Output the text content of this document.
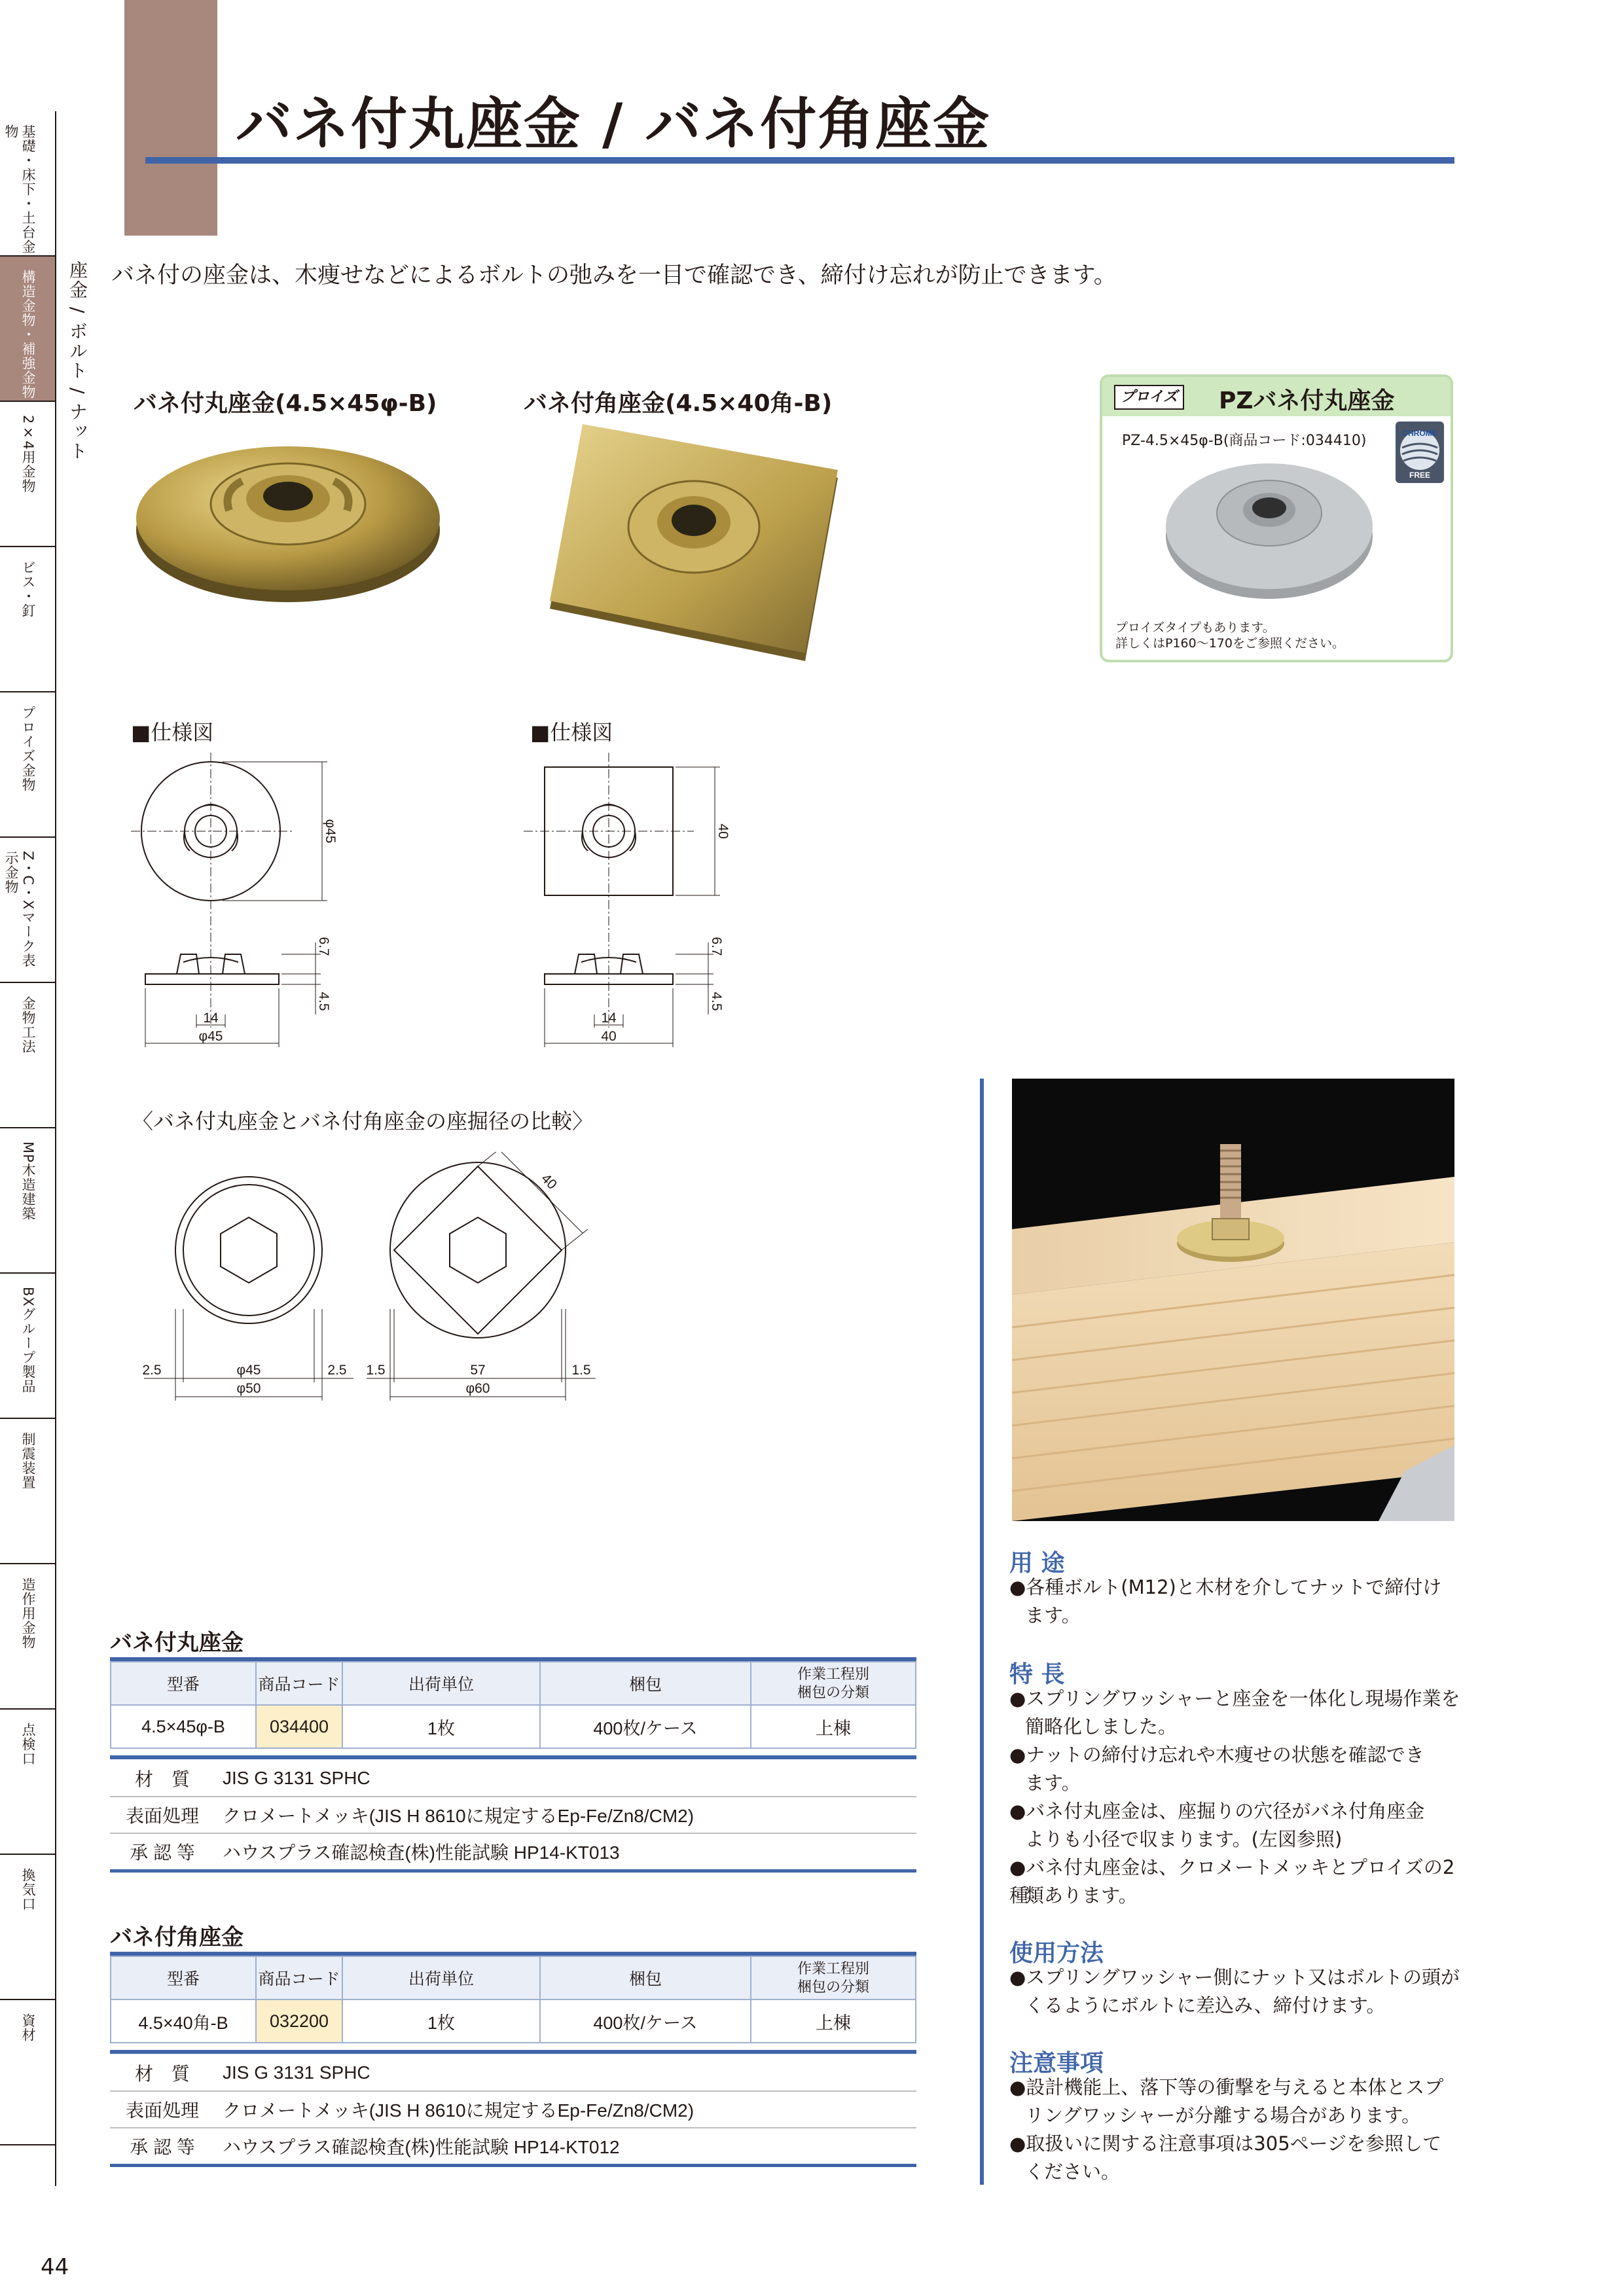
バネ付丸座金 / バネ付角座金
基礎・床下・土台金物
構造金物・補強金物
2×4用金物
ビス・釘
プロイズ金物
Z・C・Xマーク表示金物
金物工法
MP木造建築
BXグループ製品
制震装置
造作用金物
点検口
換気口
資材
座金 / ボルト / ナット バネ付の座金は、木痩せなどによるボルトの弛みを一目で確認でき、締付け忘れが防止できます。
バネ付丸座金(4.5×45φ-B)	バネ付角座金(4.5×40角-B)	プロイズ PZバネ付丸座金
PZ-4.5×45φ-B(商品コード:034410)	CHROME
FREE
プロイズタイプもあります。
詳しくはP160〜170をご参照ください。
■仕様図	■仕様図
φ45
6.7
4.5
14
φ45
40
6.7
4.5
14
40
〈バネ付丸座金とバネ付角座金の座掘径の比較〉
2.5	φ45	2.5
φ50
40
1.5	57	1.5
φ60
バネ付丸座金
型番	商品コード	出荷単位	梱包	作業工程別
梱包の分類
4.5×45φ-B	034400	1枚	400枚/ケース	上棟
材　質	JIS G 3131 SPHC
表面処理	クロメートメッキ(JIS H 8610に規定するEp-Fe/Zn8/CM2)
承 認 等	ハウスプラス確認検査(株)性能試験 HP14-KT013
バネ付角座金
型番	商品コード	出荷単位	梱包	作業工程別
梱包の分類
4.5×40角-B	032200	1枚	400枚/ケース	上棟
材　質	JIS G 3131 SPHC
表面処理	クロメートメッキ(JIS H 8610に規定するEp-Fe/Zn8/CM2)
承 認 等	ハウスプラス確認検査(株)性能試験 HP14-KT012
用 途
●各種ボルト(M12)と木材を介してナットで締付け
ます。
特 長
●スプリングワッシャーと座金を一体化し現場作業を
簡略化しました。
●ナットの締付け忘れや木痩せの状態を確認でき
ます。
●バネ付丸座金は、座掘りの穴径がバネ付角座金
よりも小径で収まります。(左図参照)
●バネ付丸座金は、クロメートメッキとプロイズの2種
類あります。
使用方法
●スプリングワッシャー側にナット又はボルトの頭が
くるようにボルトに差込み、締付けます。
注意事項
●設計機能上、落下等の衝撃を与えると本体とスプ
リングワッシャーが分離する場合があります。
●取扱いに関する注意事項は305ページを参照して
ください。
44
